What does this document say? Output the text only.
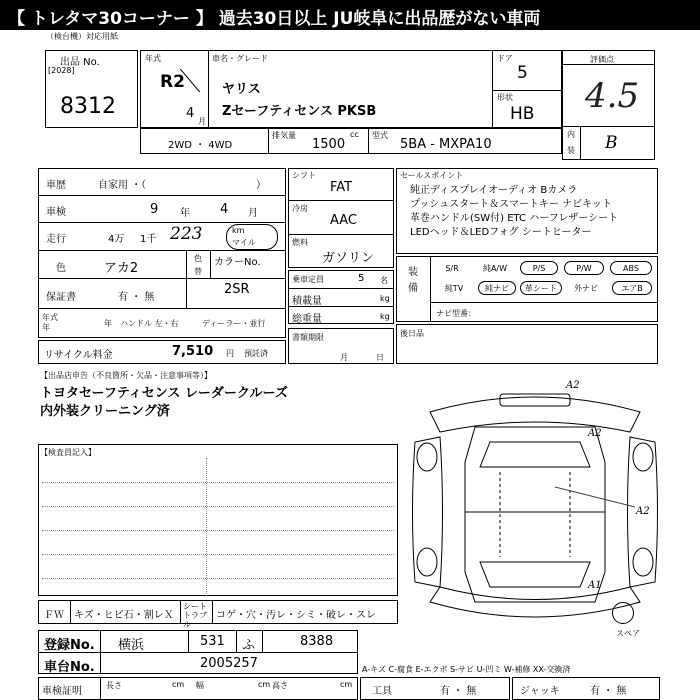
【 トレタマ30コーナー 】 過去30日以上 JU岐阜に出品歴がない車両
（検台機）対応用紙
出品 No.
[2028]
8312
年式
R2
4
月
車名・グレード
ヤリス
Zセーフティセンス PKSB
ドア
5
形状
HB
評価点
4.5
内
装 B
2WD ・ 4WD
排気量
1500
cc 型式
5BA - MXPA10
車歴	自家用 ・（	）
車検	9 年 4 月
走行	4万 1千 223	km
マイル
色	アカ2
色
替
カラーNo.
2SR
保証書	有 ・ 無
年式
年	年 ハンドル 左・右	ディーラー・並行
リサイクル料金	7,510 円 預託済
シフト
FAT
冷房
AAC
燃料
ガソリン
乗車定員	5 名
積載量	kg
総重量	kg
書類期限
月	日
セールスポイント
純正ディスプレイオーディオ Bカメラ
プッシュスタート＆スマートキー ナビキット
革巻ハンドル(SW付) ETC ハーフレザーシート
LEDヘッド＆LEDフォグ シートヒーター
装備
S/R	純A/W	P/S	P/W	ABS
純TV	純ナビ	革シート	外ナビ	エアB
ナビ型番：
後日品
【出品店申告（不良箇所・欠品・注意事項等）】
トヨタセーフティセンス レーダークルーズ
内外装クリーニング済
【検査員記入】
A2
A2
A2
A1
スペア
ＦＷ キズ・ヒビ石・割レＸ
シートトラブル
コゲ・穴・汚レ・シミ・破レ・スレ
登録No. 横浜	531 ふ	8388
車台No.	2005257	A-キズ C-腐食 E-エクボ S-サビ U-凹ミ W-補修 XX-交換済
車検証明
長さ	cm 幅	cm 高さ	cm
工具	有 ・ 無	ジャッキ	有 ・ 無
